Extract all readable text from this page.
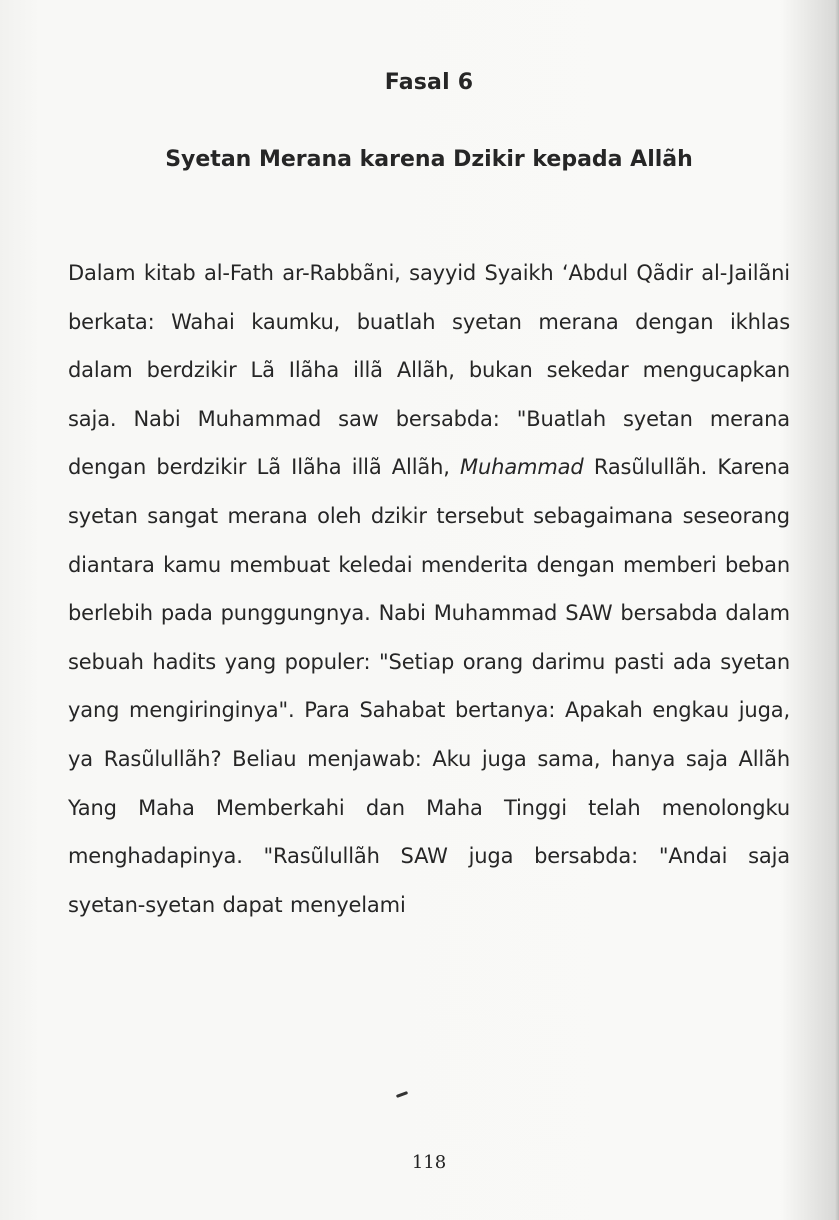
Fasal 6
Syetan Merana karena Dzikir kepada Allãh

Dalam kitab al-Fath ar-Rabbãni, sayyid Syaikh ‘Abdul Qãdir al-Jailãni berkata: Wahai kaumku, buatlah syetan merana dengan ikhlas dalam berdzikir Lã Ilãha illã Allãh, bukan sekedar mengucapkan saja. Nabi Muhammad saw bersabda: "Buatlah syetan merana dengan berdzikir Lã Ilãha illã Allãh, Muhammad Rasũlullãh. Karena syetan sangat merana oleh dzikir tersebut sebagaimana seseorang diantara kamu membuat keledai menderita dengan memberi beban berlebih pada punggungnya. Nabi Muhammad SAW bersabda dalam sebuah hadits yang populer: "Setiap orang darimu pasti ada syetan yang mengiringinya". Para Sahabat bertanya: Apakah engkau juga, ya Rasũlullãh? Beliau menjawab: Aku juga sama, hanya saja Allãh Yang Maha Memberkahi dan Maha Tinggi telah menolongku menghadapinya. "Rasũlullãh SAW juga bersabda: "Andai saja syetan-syetan dapat menyelami

118
